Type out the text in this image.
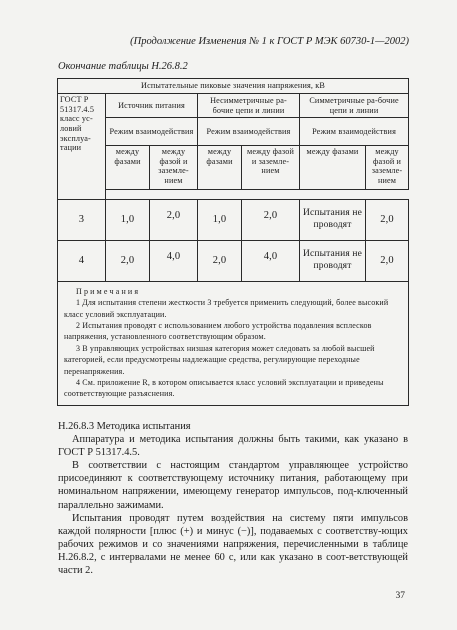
(Продолжение Изменения № 1 к ГОСТ Р МЭК 60730-1—2002)
Окончание таблицы Н.26.8.2
Испытательные пиковые значения напряжения, кВ						
ГОСТ Р 51317.4.5 класс ус-ловий эксплуа-тации	Источник питания		Несимметричные ра-бочие цепи и линии		Симметричные ра-бочие цепи и линии	
	Режим взаимодействия		Режим взаимодействия		Режим взаимодействия	
	между фазами	между фазой и заземле-нием	между фазами	между фазой и заземле-нием	между фазами	между фазой и заземле-нием

3	1,0	2,0	1,0	2,0	Испытания не проводят	2,0
4	2,0	4,0	2,0	4,0	Испытания не проводят	2,0

Примечания
1 Для испытания степени жесткости 3 требуется применить следующий, более высокий класс условий эксплуатации.
2 Испытания проводят с использованием любого устройства подавления всплесков напряжения, установленного соответствующим образом.
3 В управляющих устройствах низшая категория может следовать за любой высшей категорией, если предусмотрены надлежащие средства, регулирующие переходные перенапряжения.
4 См. приложение R, в котором описывается класс условий эксплуатации и приведены соответствующие разъяснения.						

Н.26.8.3 Методика испытания

Аппаратура и методика испытания должны быть такими, как указано в ГОСТ Р 51317.4.5.

В соответствии с настоящим стандартом управляющее устройство присоединяют к соответствующему источнику питания, работающему при номинальном напряжении, имеющему генератор импульсов, под-ключенный параллельно зажимами.

Испытания проводят путем воздействия на систему пяти импульсов каждой полярности [плюс (+) и минус (−)], подаваемых с соответству-ющих рабочих режимов и со значениями напряжения, перечисленными в таблице Н.26.8.2, с интервалами не менее 60 с, или как указано в соот-ветствующей части 2.

37
